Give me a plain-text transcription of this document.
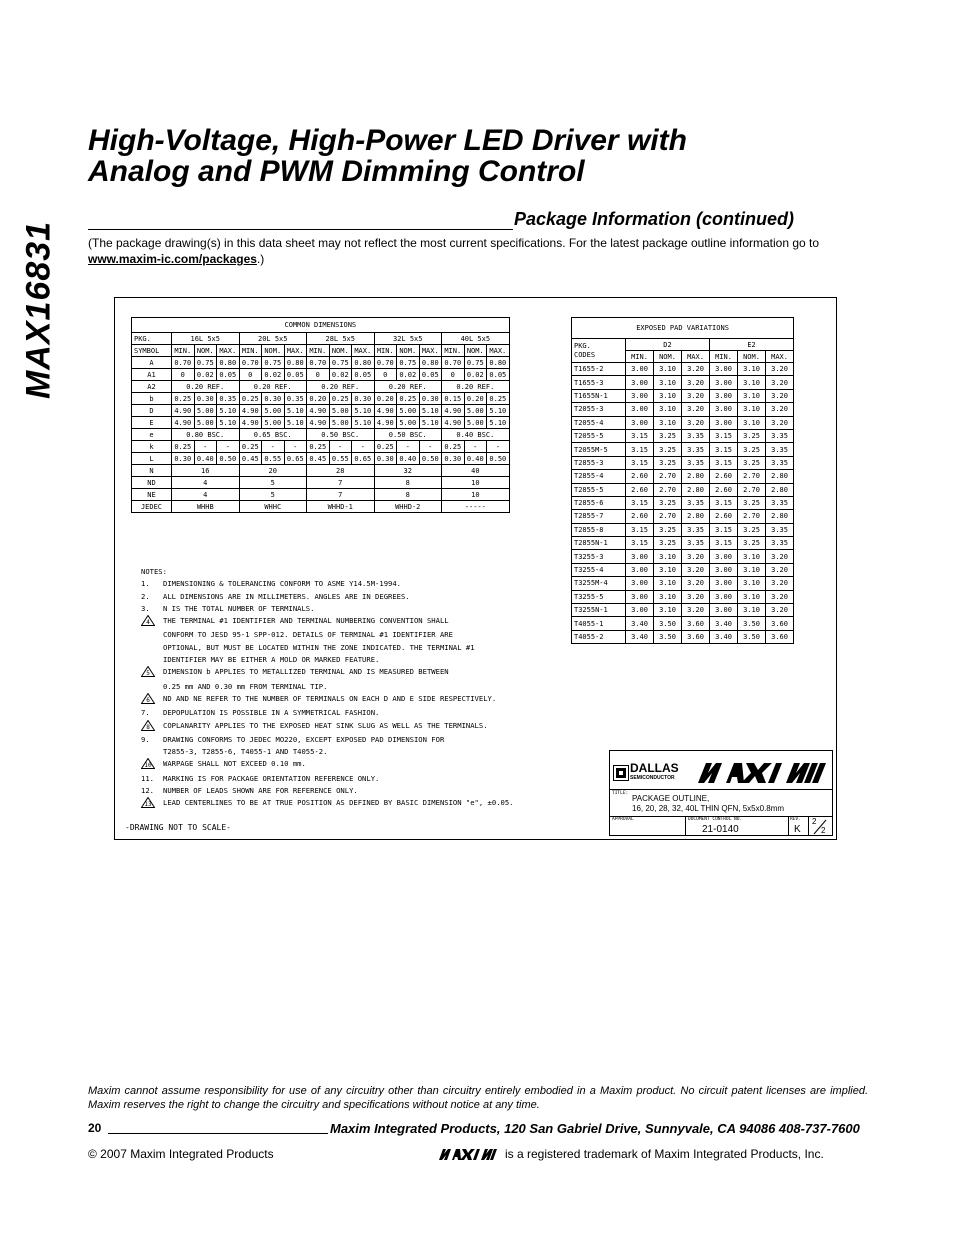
MAX16831
High-Voltage, High-Power LED Driver with
Analog and PWM Dimming Control
Package Information (continued)
(The package drawing(s) in this data sheet may not reflect the most current specifications. For the latest package outline information go to www.maxim-ic.com/packages.)
COMMON DIMENSIONS															
PKG.	16L 5x5			20L 5x5			28L 5x5			32L 5x5			40L 5x5		
SYMBOL	MIN.	NOM.	MAX.	MIN.	NOM.	MAX.	MIN.	NOM.	MAX.	MIN.	NOM.	MAX.	MIN.	NOM.	MAX.
A	0.70	0.75	0.80	0.70	0.75	0.80	0.70	0.75	0.80	0.70	0.75	0.80	0.70	0.75	0.80
A1	0	0.02	0.05	0	0.02	0.05	0	0.02	0.05	0	0.02	0.05	0	0.02	0.05
A2	0.20 REF.			0.20 REF.			0.20 REF.			0.20 REF.			0.20 REF.		
b	0.25	0.30	0.35	0.25	0.30	0.35	0.20	0.25	0.30	0.20	0.25	0.30	0.15	0.20	0.25
D	4.90	5.00	5.10	4.90	5.00	5.10	4.90	5.00	5.10	4.90	5.00	5.10	4.90	5.00	5.10
E	4.90	5.00	5.10	4.90	5.00	5.10	4.90	5.00	5.10	4.90	5.00	5.10	4.90	5.00	5.10
e	0.80 BSC.			0.65 BSC.			0.50 BSC.			0.50 BSC.			0.40 BSC.		
k	0.25	-	-	0.25	-	-	0.25	-	-	0.25	-	-	0.25	-	-
L	0.30	0.40	0.50	0.45	0.55	0.65	0.45	0.55	0.65	0.30	0.40	0.50	0.30	0.40	0.50
N	16			20			28			32			40		
ND	4			5			7			8			10		
NE	4			5			7			8			10		
JEDEC	WHHB			WHHC			WHHD-1			WHHD-2			-----		
EXPOSED PAD VARIATIONS						

PKG.
CODES	D2			E2		
	MIN.	NOM.	MAX.	MIN.	NOM.	MAX.
T1655-2	3.00	3.10	3.20	3.00	3.10	3.20
T1655-3	3.00	3.10	3.20	3.00	3.10	3.20
T1655N-1	3.00	3.10	3.20	3.00	3.10	3.20
T2055-3	3.00	3.10	3.20	3.00	3.10	3.20
T2055-4	3.00	3.10	3.20	3.00	3.10	3.20
T2055-5	3.15	3.25	3.35	3.15	3.25	3.35
T2055M-5	3.15	3.25	3.35	3.15	3.25	3.35
T2855-3	3.15	3.25	3.35	3.15	3.25	3.35
T2855-4	2.60	2.70	2.80	2.60	2.70	2.80
T2855-5	2.60	2.70	2.80	2.60	2.70	2.80
T2855-6	3.15	3.25	3.35	3.15	3.25	3.35
T2855-7	2.60	2.70	2.80	2.60	2.70	2.80
T2855-8	3.15	3.25	3.35	3.15	3.25	3.35
T2855N-1	3.15	3.25	3.35	3.15	3.25	3.35
T3255-3	3.00	3.10	3.20	3.00	3.10	3.20
T3255-4	3.00	3.10	3.20	3.00	3.10	3.20
T3255M-4	3.00	3.10	3.20	3.00	3.10	3.20
T3255-5	3.00	3.10	3.20	3.00	3.10	3.20
T3255N-1	3.00	3.10	3.20	3.00	3.10	3.20
T4055-1	3.40	3.50	3.60	3.40	3.50	3.60
T4055-2	3.40	3.50	3.60	3.40	3.50	3.60
NOTES:
1.	DIMENSIONING & TOLERANCING CONFORM TO ASME Y14.5M-1994.
2.	ALL DIMENSIONS ARE IN MILLIMETERS. ANGLES ARE IN DEGREES.
3.	N IS THE TOTAL NUMBER OF TERMINALS.
4	THE TERMINAL #1 IDENTIFIER AND TERMINAL NUMBERING CONVENTION SHALL
CONFORM TO JESD 95-1 SPP-012. DETAILS OF TERMINAL #1 IDENTIFIER ARE
OPTIONAL, BUT MUST BE LOCATED WITHIN THE ZONE INDICATED. THE TERMINAL #1
IDENTIFIER MAY BE EITHER A MOLD OR MARKED FEATURE.
5	DIMENSION b APPLIES TO METALLIZED TERMINAL AND IS MEASURED BETWEEN
0.25 mm AND 0.30 mm FROM TERMINAL TIP.
6	ND AND NE REFER TO THE NUMBER OF TERMINALS ON EACH D AND E SIDE RESPECTIVELY.
7.	DEPOPULATION IS POSSIBLE IN A SYMMETRICAL FASHION.
8	COPLANARITY APPLIES TO THE EXPOSED HEAT SINK SLUG AS WELL AS THE TERMINALS.
9.	DRAWING CONFORMS TO JEDEC MO220, EXCEPT EXPOSED PAD DIMENSION FOR
T2855-3, T2855-6, T4055-1 AND T4055-2.
10	WARPAGE SHALL NOT EXCEED 0.10 mm.
11.	MARKING IS FOR PACKAGE ORIENTATION REFERENCE ONLY.
12.	NUMBER OF LEADS SHOWN ARE FOR REFERENCE ONLY.
13	LEAD CENTERLINES TO BE AT TRUE POSITION AS DEFINED BY BASIC DIMENSION "e", ±0.05.
-DRAWING NOT TO SCALE-
DALLAS
SEMICONDUCTOR
TITLE:
PACKAGE OUTLINE,
16, 20, 28, 32, 40L THIN QFN, 5x5x0.8mm
APPROVAL	DOCUMENT CONTROL NO.
21-0140
REV.
K
2
2
Maxim cannot assume responsibility for use of any circuitry other than circuitry entirely embodied in a Maxim product. No circuit patent licenses are implied. Maxim reserves the right to change the circuitry and specifications without notice at any time.
20	Maxim Integrated Products, 120 San Gabriel Drive, Sunnyvale, CA 94086 408-737-7600
© 2007 Maxim Integrated Products	is a registered trademark of Maxim Integrated Products, Inc.
